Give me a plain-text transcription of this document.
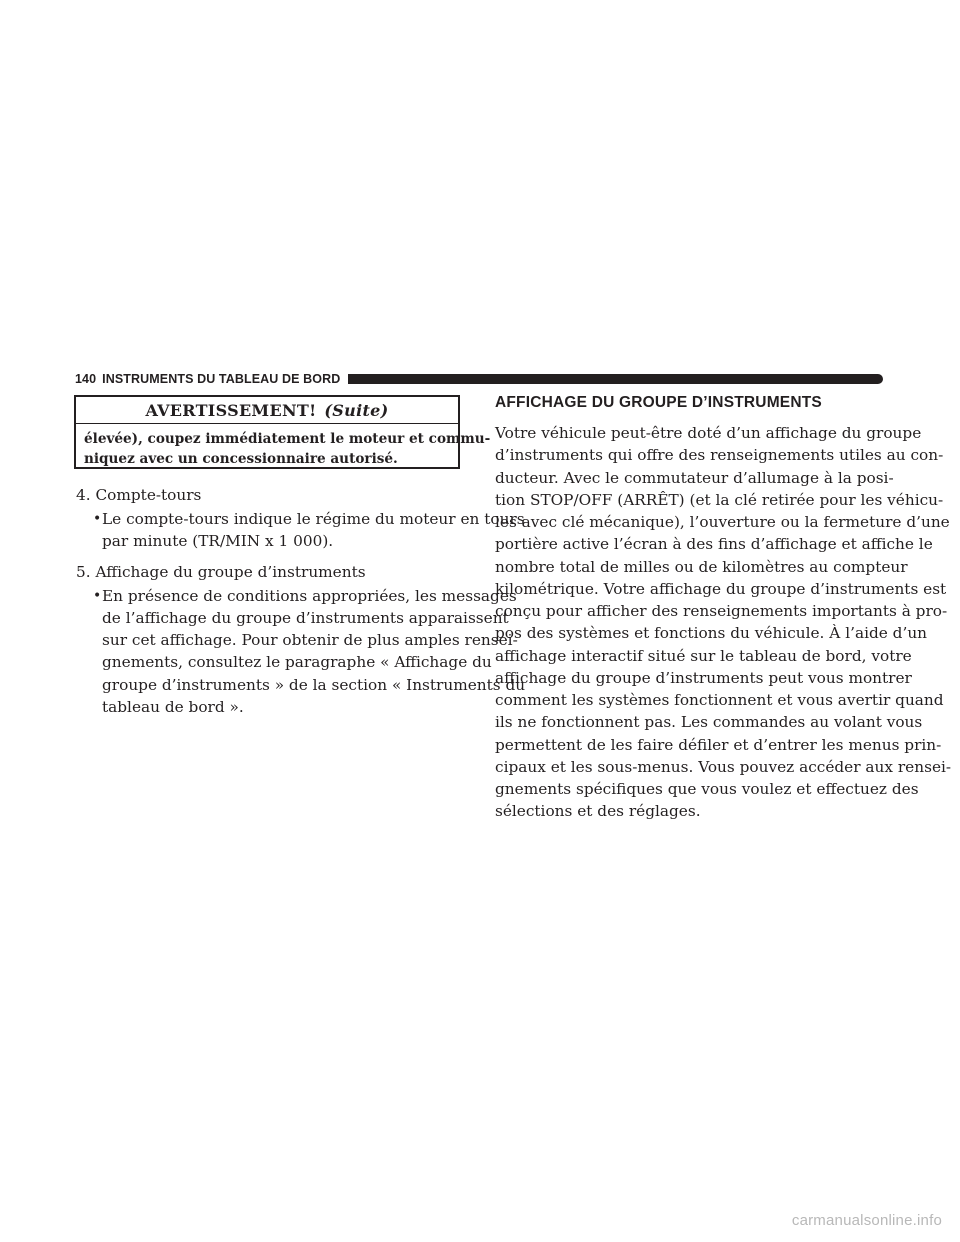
140 INSTRUMENTS DU TABLEAU DE BORD
AVERTISSEMENT! (Suite)
élevée), coupez immédiatement le moteur et commu-
niquez avec un concessionnaire autorisé.
4. Compte-tours
• Le compte-tours indique le régime du moteur en tours
par minute (TR/MIN x 1 000).
5. Affichage du groupe d’instruments
• En présence de conditions appropriées, les messages
de l’affichage du groupe d’instruments apparaissent
sur cet affichage. Pour obtenir de plus amples rensei-
gnements, consultez le paragraphe « Affichage du
groupe d’instruments » de la section « Instruments du
tableau de bord ».
AFFICHAGE DU GROUPE D’INSTRUMENTS
Votre véhicule peut-être doté d’un affichage du groupe
d’instruments qui offre des renseignements utiles au con-
ducteur. Avec le commutateur d’allumage à la posi-
tion STOP/OFF (ARRÊT) (et la clé retirée pour les véhicu-
les avec clé mécanique), l’ouverture ou la fermeture d’une
portière active l’écran à des fins d’affichage et affiche le
nombre total de milles ou de kilomètres au compteur
kilométrique. Votre affichage du groupe d’instruments est
conçu pour afficher des renseignements importants à pro-
pos des systèmes et fonctions du véhicule. À l’aide d’un
affichage interactif situé sur le tableau de bord, votre
affichage du groupe d’instruments peut vous montrer
comment les systèmes fonctionnent et vous avertir quand
ils ne fonctionnent pas. Les commandes au volant vous
permettent de les faire défiler et d’entrer les menus prin-
cipaux et les sous-menus. Vous pouvez accéder aux rensei-
gnements spécifiques que vous voulez et effectuez des
sélections et des réglages.
carmanualsonline.info
